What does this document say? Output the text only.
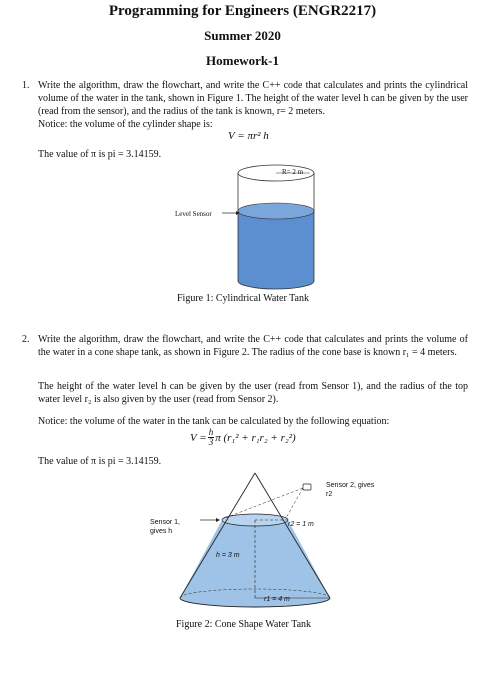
Programming for Engineers (ENGR2217)
Summer 2020
Homework-1
1. Write the algorithm, draw the flowchart, and write the C++ code that calculates and prints the cylindrical volume of the water in the tank, shown in Figure 1. The height of the water level h can be given by the user (read from the sensor), and the radius of the tank is known, r= 2 meters.

Notice: the volume of the cylinder shape is:

V = πr² h

The value of π is pi = 3.14159.

R= 2 m
Level Sensor
Figure 1: Cylindrical Water Tank
2. Write the algorithm, draw the flowchart, and write the C++ code that calculates and prints the volume of the water in a cone shape tank, as shown in Figure 2. The radius of the cone base is known r₁ = 4 meters.

The height of the water level h can be given by the user (read from Sensor 1), and the radius of the top water level r₂ is also given by the user (read from Sensor 2).

Notice: the volume of the water in the tank can be calculated by the following equation:

$V = \frac{h}{3}$ π (r₁² + r₁r₂ + r₂²)

The value of π is pi = 3.14159.

Sensor 2, gives r2
Sensor 1, gives h
r2 = 1 m
h = 3 m
r1 = 4 m
Figure 2: Cone Shape Water Tank
